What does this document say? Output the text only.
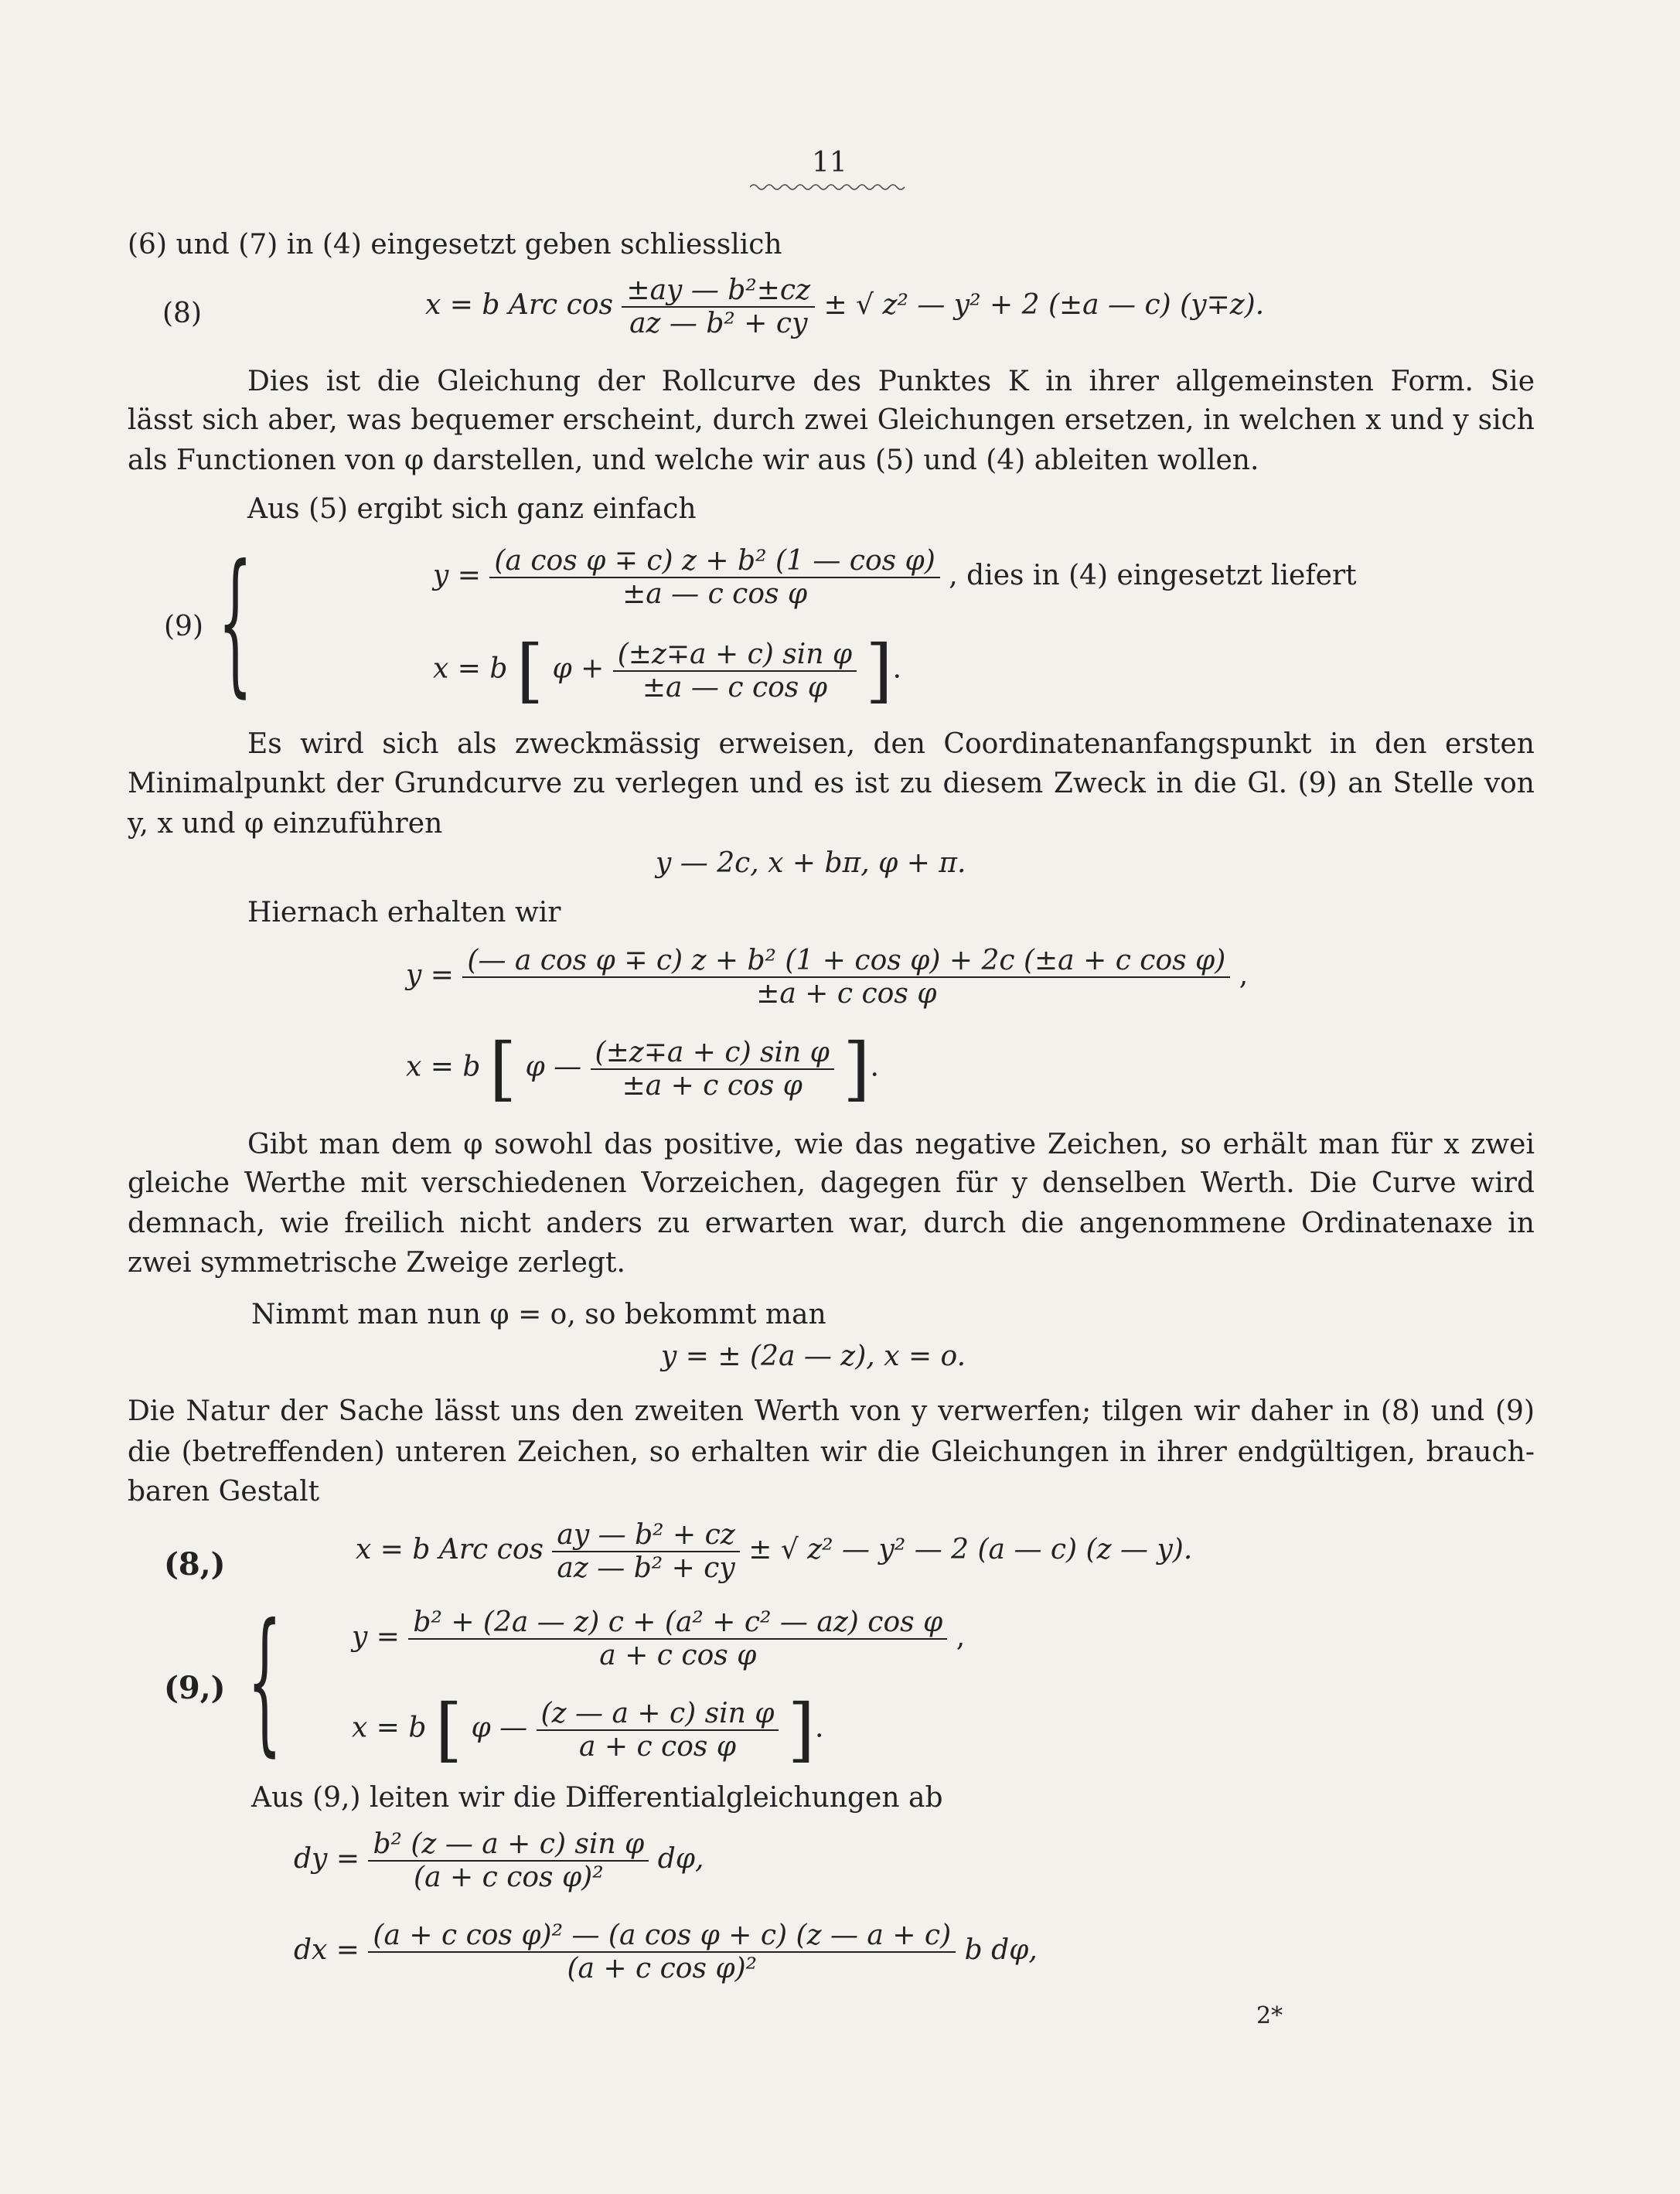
11
(6) und (7) in (4) eingesetzt geben schliesslich
(8)	x = b Arc $\cos \frac{\text{±ay — b²±cz}}{\text{az — b² + cy}}$ ± √ z² — y² + 2 (±a — c) (y∓z).
Dies ist die Gleichung der Rollcurve des Punktes K in ihrer allgemeinsten Form. Sie
lässt sich aber, was bequemer erscheint, durch zwei Gleichungen ersetzen, in welchen x und y sich
als Functionen von φ darstellen, und welche wir aus (5) und (4) ableiten wollen.
Aus (5) ergibt sich ganz einfach
{
(9)
$y = \frac{\text{(a cos φ ∓ c) z + b² (1 — cos φ)}}{\text{±a — c cos φ}}$ , dies in (4) eingesetzt liefert
x = b [ $\varphi + \frac{\text{(±z∓a + c) sin φ}}{\text{±a — c cos φ}}$ ].
Es wird sich als zweckmässig erweisen, den Coordinatenanfangspunkt in den ersten
Minimalpunkt der Grundcurve zu verlegen und es ist zu diesem Zweck in die Gl. (9) an Stelle von
y, x und φ einzuführen
y — 2c, x + bπ, φ + π.
Hiernach erhalten wir
$y = \frac{\text{(— a cos φ ∓ c) z + b² (1 + cos φ) + 2c (±a + c cos φ)}}{\text{±a + c cos φ}}$ ,
x = b [ φ — $\frac{\text{(±z∓a + c) sin φ}}{\text{±a + c cos φ}}$ ].
Gibt man dem φ sowohl das positive, wie das negative Zeichen, so erhält man für x zwei
gleiche Werthe mit verschiedenen Vorzeichen, dagegen für y denselben Werth. Die Curve wird
demnach, wie freilich nicht anders zu erwarten war, durch die angenommene Ordinatenaxe in
zwei symmetrische Zweige zerlegt.
Nimmt man nun φ = o, so bekommt man
y = ± (2a — z), x = o.
Die Natur der Sache lässt uns den zweiten Werth von y verwerfen; tilgen wir daher in (8) und (9)
die (betreffenden) unteren Zeichen, so erhalten wir die Gleichungen in ihrer endgültigen, brauch-
baren Gestalt
(8,)	x = b Arc $\cos \frac{\text{ay — b² + cz}}{\text{az — b² + cy}}$ ± √ z² — y² — 2 (a — c) (z — y).
{
(9,)
$y = \frac{\text{b² + (2a — z) c + (a² + c² — az) cos φ}}{\text{a + c cos φ}}$ ,
x = b [ φ — $\frac{\text{(z — a + c) sin φ}}{\text{a + c cos φ}}$ ].
Aus (9,) leiten wir die Differentialgleichungen ab
dy = $\frac{\text{b² (z — a + c) sin φ}}{\text{(a + c cos φ)²}} d\varphi$,
dx = $\frac{\text{(a + c cos φ)² — (a cos φ + c) (z — a + c)}}{\text{(a + c cos φ)²}}$ b dφ,
2*
